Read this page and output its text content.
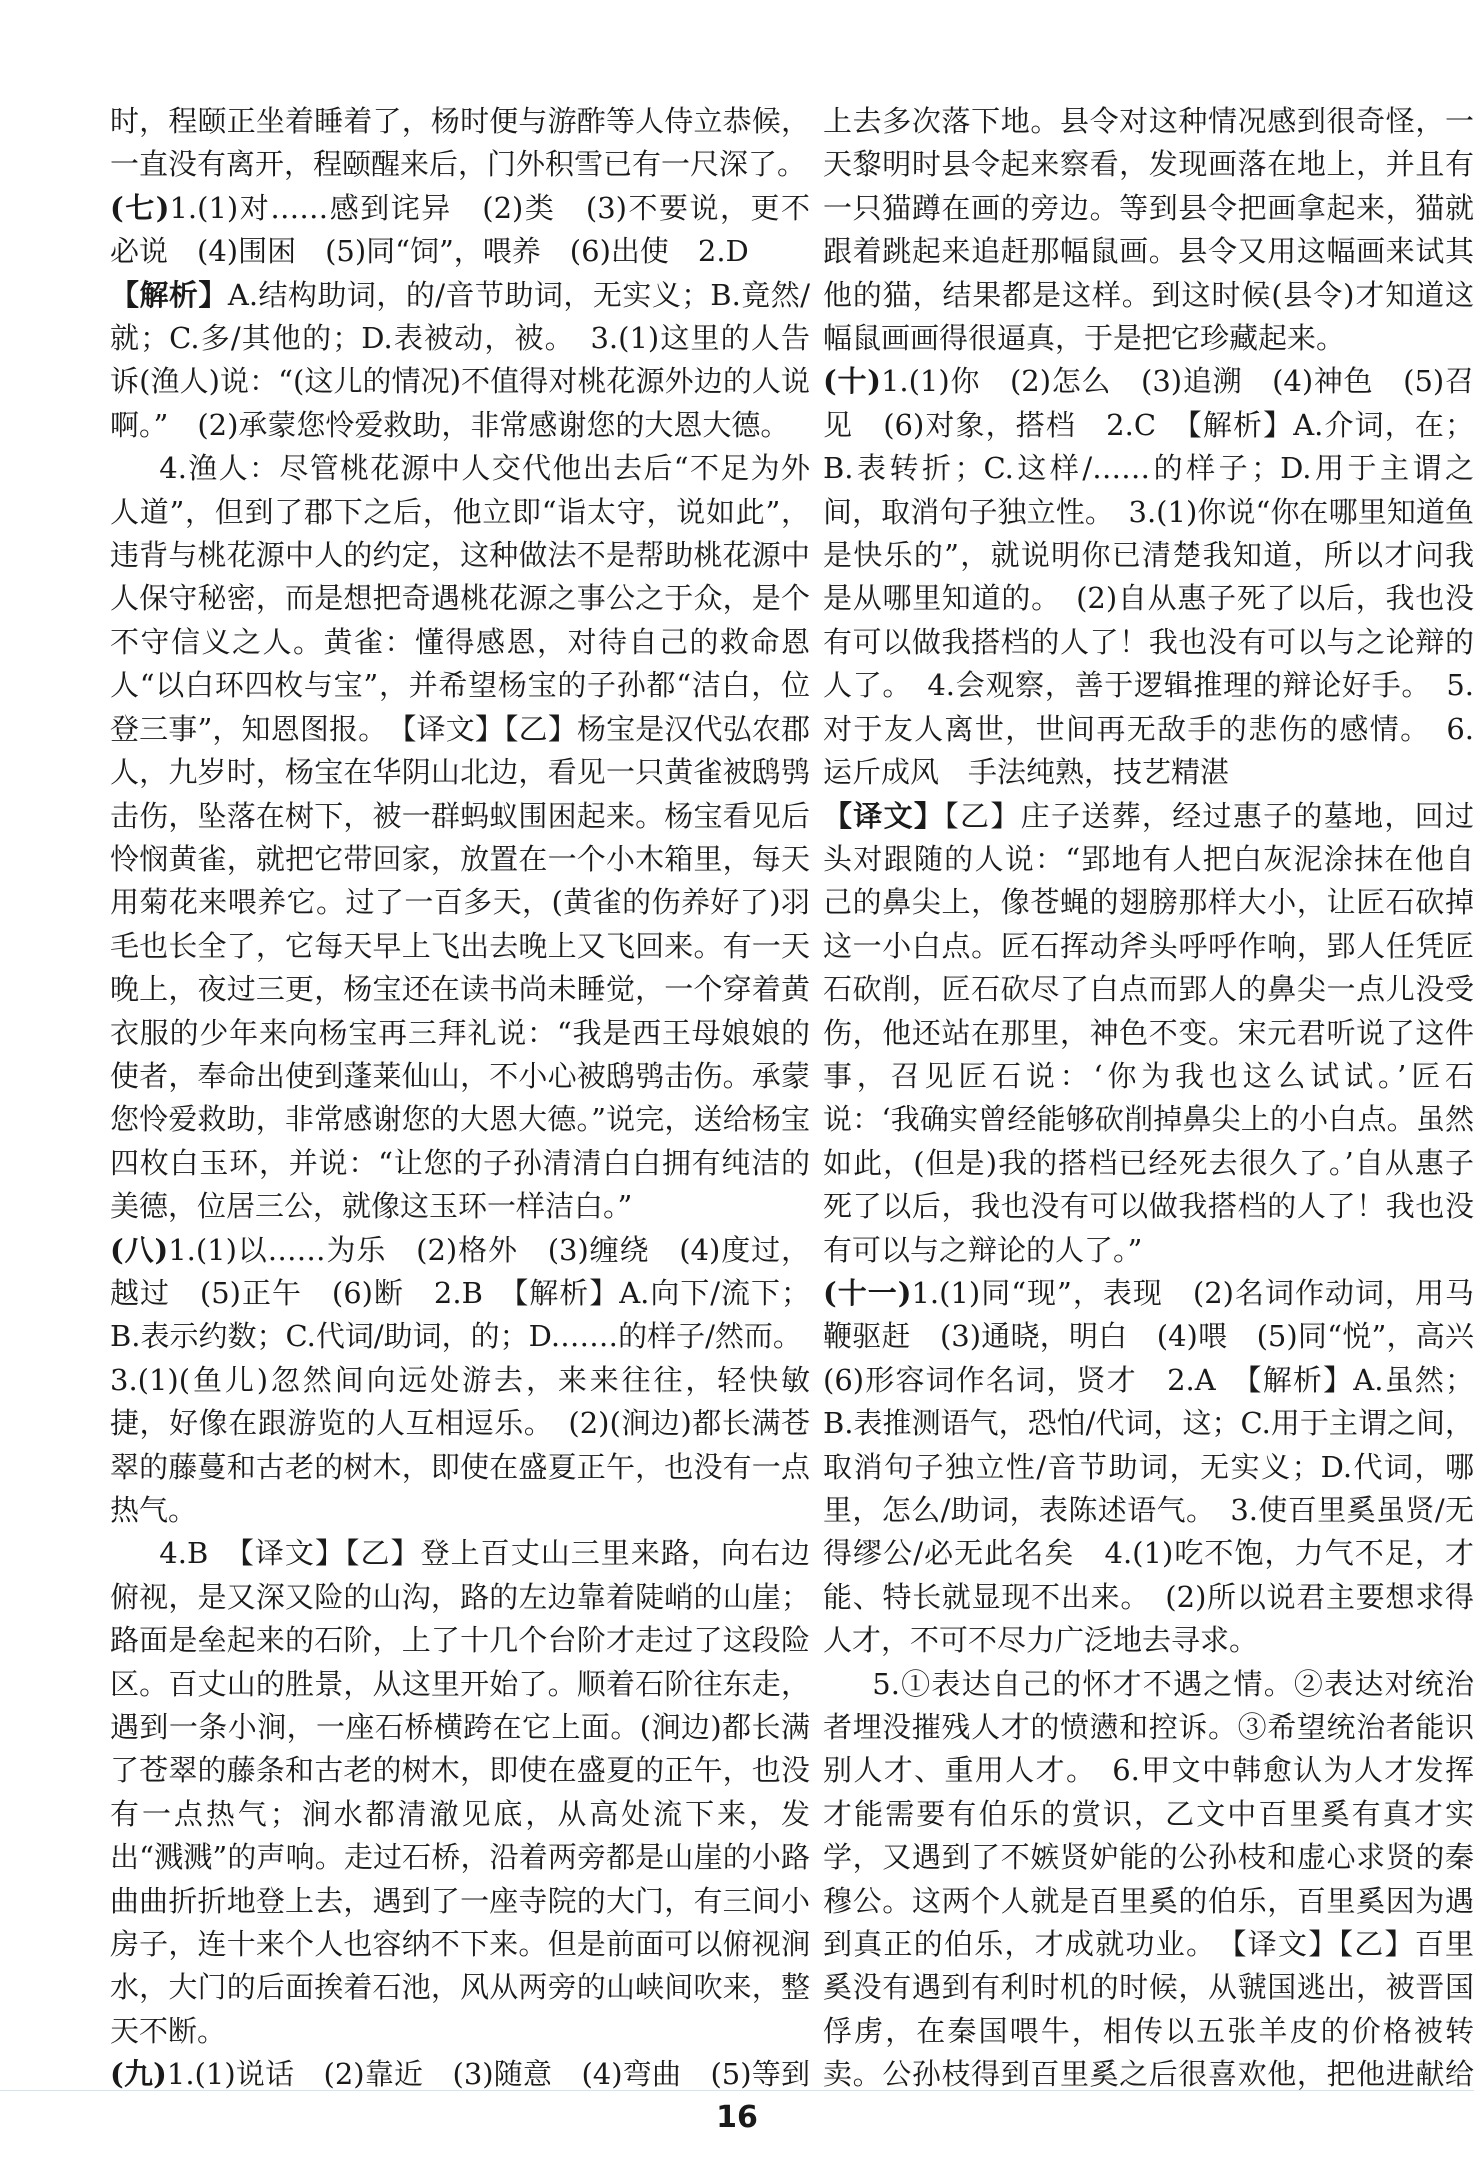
时，程颐正坐着睡着了，杨时便与游酢等人侍立恭候，一直没有离开，程颐醒来后，门外积雪已有一尺深了。

(七)1.(1)对……感到诧异　(2)类　(3)不要说，更不必说　(4)围困　(5)同“饲”，喂养　(6)出使　2.D

【解析】A.结构助词，的/音节助词，无实义；B.竟然/就；C.多/其他的；D.表被动，被。　3.(1)这里的人告诉(渔人)说：“(这儿的情况)不值得对桃花源外边的人说啊。”　(2)承蒙您怜爱救助，非常感谢您的大恩大德。

4.渔人：尽管桃花源中人交代他出去后“不足为外人道”，但到了郡下之后，他立即“诣太守，说如此”，违背与桃花源中人的约定，这种做法不是帮助桃花源中人保守秘密，而是想把奇遇桃花源之事公之于众，是个不守信义之人。黄雀：懂得感恩，对待自己的救命恩人“以白环四枚与宝”，并希望杨宝的子孙都“洁白，位登三事”，知恩图报。　【译文】【乙】杨宝是汉代弘农郡人，九岁时，杨宝在华阴山北边，看见一只黄雀被鸱鸮击伤，坠落在树下，被一群蚂蚁围困起来。杨宝看见后怜悯黄雀，就把它带回家，放置在一个小木箱里，每天用菊花来喂养它。过了一百多天，(黄雀的伤养好了)羽毛也长全了，它每天早上飞出去晚上又飞回来。有一天晚上，夜过三更，杨宝还在读书尚未睡觉，一个穿着黄衣服的少年来向杨宝再三拜礼说：“我是西王母娘娘的使者，奉命出使到蓬莱仙山，不小心被鸱鸮击伤。承蒙您怜爱救助，非常感谢您的大恩大德。”说完，送给杨宝四枚白玉环，并说：“让您的子孙清清白白拥有纯洁的美德，位居三公，就像这玉环一样洁白。”

(八)1.(1)以……为乐　(2)格外　(3)缠绕　(4)度过，越过　(5)正午　(6)断　2.B　【解析】A.向下/流下；B.表示约数；C.代词/助词，的；D.……的样子/然而。

3.(1)(鱼儿)忽然间向远处游去，来来往往，轻快敏捷，好像在跟游览的人互相逗乐。　(2)(涧边)都长满苍翠的藤蔓和古老的树木，即使在盛夏正午，也没有一点热气。

4.B　【译文】【乙】登上百丈山三里来路，向右边俯视，是又深又险的山沟，路的左边靠着陡峭的山崖；路面是垒起来的石阶，上了十几个台阶才走过了这段险区。百丈山的胜景，从这里开始了。顺着石阶往东走，遇到一条小涧，一座石桥横跨在它上面。(涧边)都长满了苍翠的藤条和古老的树木，即使在盛夏的正午，也没有一点热气；涧水都清澈见底，从高处流下来，发出“溅溅”的声响。走过石桥，沿着两旁都是山崖的小路曲曲折折地登上去，遇到了一座寺院的大门，有三间小房子，连十来个人也容纳不下来。但是前面可以俯视涧水，大门的后面挨着石池，风从两旁的山峡间吹来，整天不断。

(九)1.(1)说话　(2)靠近　(3)随意　(4)弯曲　(5)等到　　　　　　　

上去多次落下地。县令对这种情况感到很奇怪，一天黎明时县令起来察看，发现画落在地上，并且有一只猫蹲在画的旁边。等到县令把画拿起来，猫就跟着跳起来追赶那幅鼠画。县令又用这幅画来试其他的猫，结果都是这样。到这时候(县令)才知道这幅鼠画画得很逼真，于是把它珍藏起来。

(十)1.(1)你　(2)怎么　(3)追溯　(4)神色　(5)召见　(6)对象，搭档　2.C　【解析】A.介词，在；B.表转折；C.这样/……的样子；D.用于主谓之间，取消句子独立性。　3.(1)你说“你在哪里知道鱼是快乐的”，就说明你已清楚我知道，所以才问我是从哪里知道的。　(2)自从惠子死了以后，我也没有可以做我搭档的人了！我也没有可以与之论辩的人了。　4.会观察，善于逻辑推理的辩论好手。　5.对于友人离世，世间再无敌手的悲伤的感情。　6.运斤成风　手法纯熟，技艺精湛

【译文】【乙】庄子送葬，经过惠子的墓地，回过头对跟随的人说：“郢地有人把白灰泥涂抹在他自己的鼻尖上，像苍蝇的翅膀那样大小，让匠石砍掉这一小白点。匠石挥动斧头呼呼作响，郢人任凭匠石砍削，匠石砍尽了白点而郢人的鼻尖一点儿没受伤，他还站在那里，神色不变。宋元君听说了这件事，召见匠石说：‘你为我也这么试试。’匠石说：‘我确实曾经能够砍削掉鼻尖上的小白点。虽然如此，(但是)我的搭档已经死去很久了。’自从惠子死了以后，我也没有可以做我搭档的人了！我也没有可以与之辩论的人了。”

(十一)1.(1)同“现”，表现　(2)名词作动词，用马鞭驱赶　(3)通晓，明白　(4)喂　(5)同“悦”，高兴　(6)形容词作名词，贤才　2.A　【解析】A.虽然；B.表推测语气，恐怕/代词，这；C.用于主谓之间，取消句子独立性/音节助词，无实义；D.代词，哪里，怎么/助词，表陈述语气。　3.使百里奚虽贤/无得缪公/必无此名矣　4.(1)吃不饱，力气不足，才能、特长就显现不出来。　(2)所以说君主要想求得人才，不可不尽力广泛地去寻求。

5.①表达自己的怀才不遇之情。②表达对统治者埋没摧残人才的愤懑和控诉。③希望统治者能识别人才、重用人才。　6.甲文中韩愈认为人才发挥才能需要有伯乐的赏识，乙文中百里奚有真才实学，又遇到了不嫉贤妒能的公孙枝和虚心求贤的秦穆公。这两个人就是百里奚的伯乐，百里奚因为遇到真正的伯乐，才成就功业。　【译文】【乙】百里奚没有遇到有利时机的时候，从虢国逃出，被晋国俘虏，在秦国喂牛，相传以五张羊皮的价格被转卖。公孙枝得到百里奚之后很喜欢他，把他进献给

16
